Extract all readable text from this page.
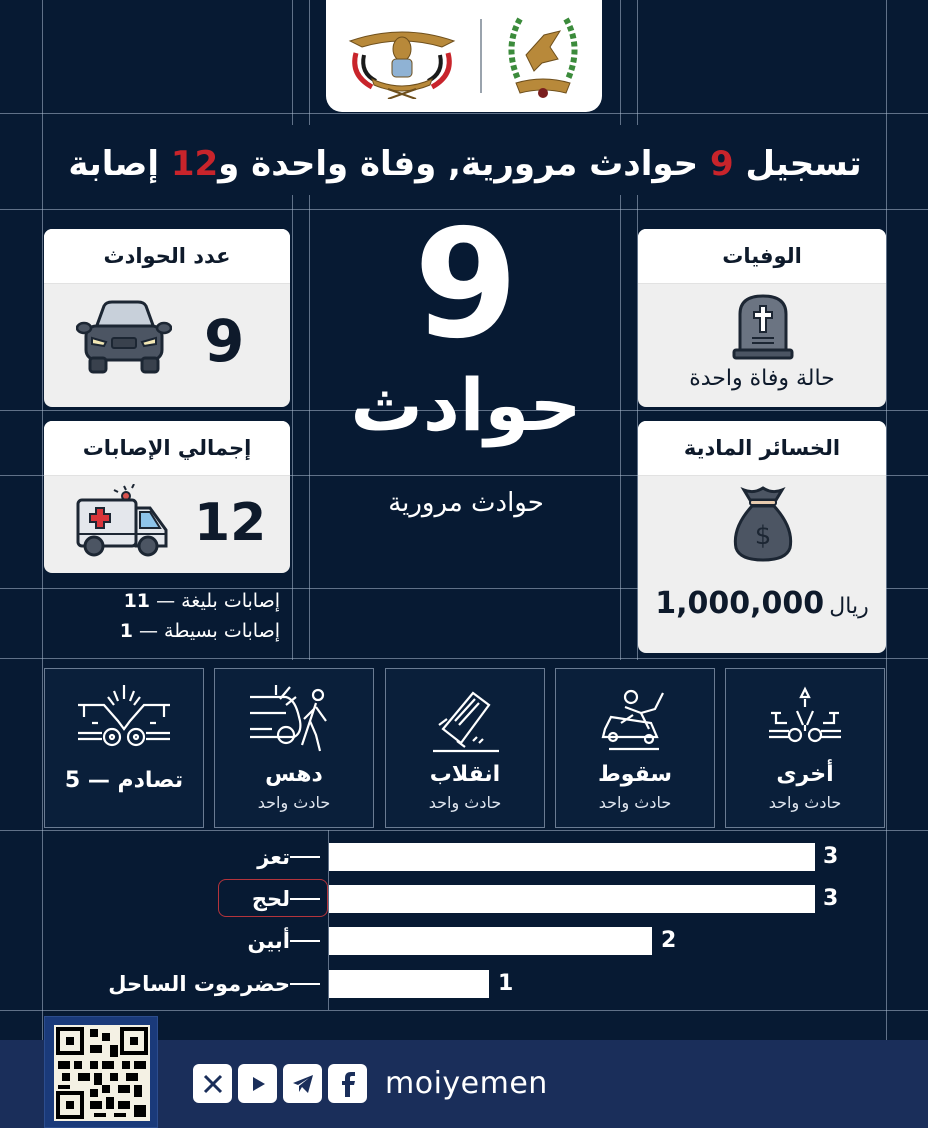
تسجيل 9 حوادث مرورية, وفاة واحدة و12 إصابة
عدد الحوادث
9
إجمالي الإصابات
12
إصابات بليغة — 11
إصابات بسيطة — 1
9
حوادث
حوادث مرورية
الوفيات
حالة وفاة واحدة
الخسائر المادية
$
ريال 1,000,000
أخرى
حادث واحد
سقوط
حادث واحد
انقلاب
حادث واحد
دهس
حادث واحد
تصادم — 5
تعز	3
لحج	3
أبين	2
حضرموت الساحل	1
moiyemen
